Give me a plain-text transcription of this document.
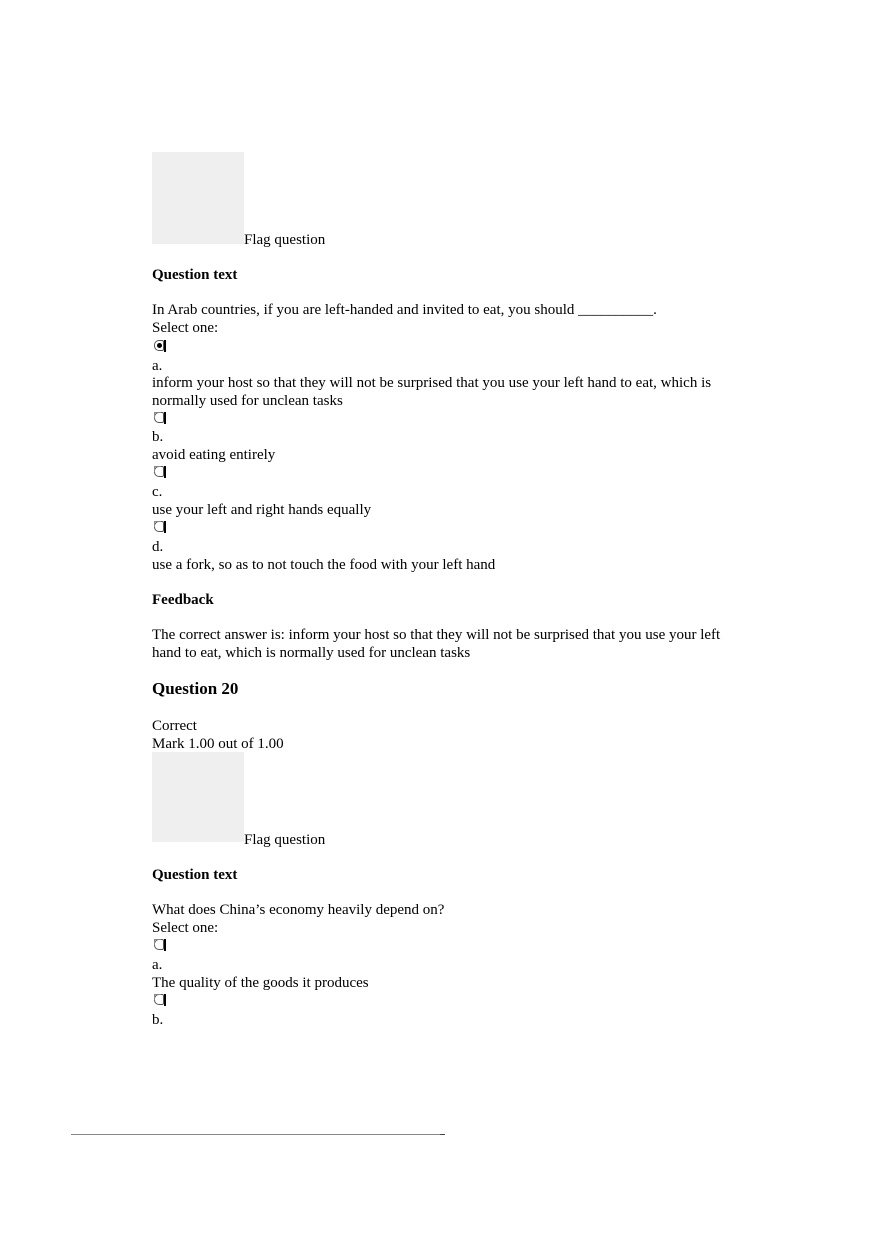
Flag question
Question text
In Arab countries, if you are left-handed and invited to eat, you should __________.
Select one:
a.
inform your host so that they will not be surprised that you use your left hand to eat, which is normally used for unclean tasks
b.
avoid eating entirely
c.
use your left and right hands equally
d.
use a fork, so as to not touch the food with your left hand
Feedback
The correct answer is: inform your host so that they will not be surprised that you use your left hand to eat, which is normally used for unclean tasks
Question 20
Correct
Mark 1.00 out of 1.00
Flag question
Question text
What does China’s economy heavily depend on?
Select one:
a.
The quality of the goods it produces
b.
